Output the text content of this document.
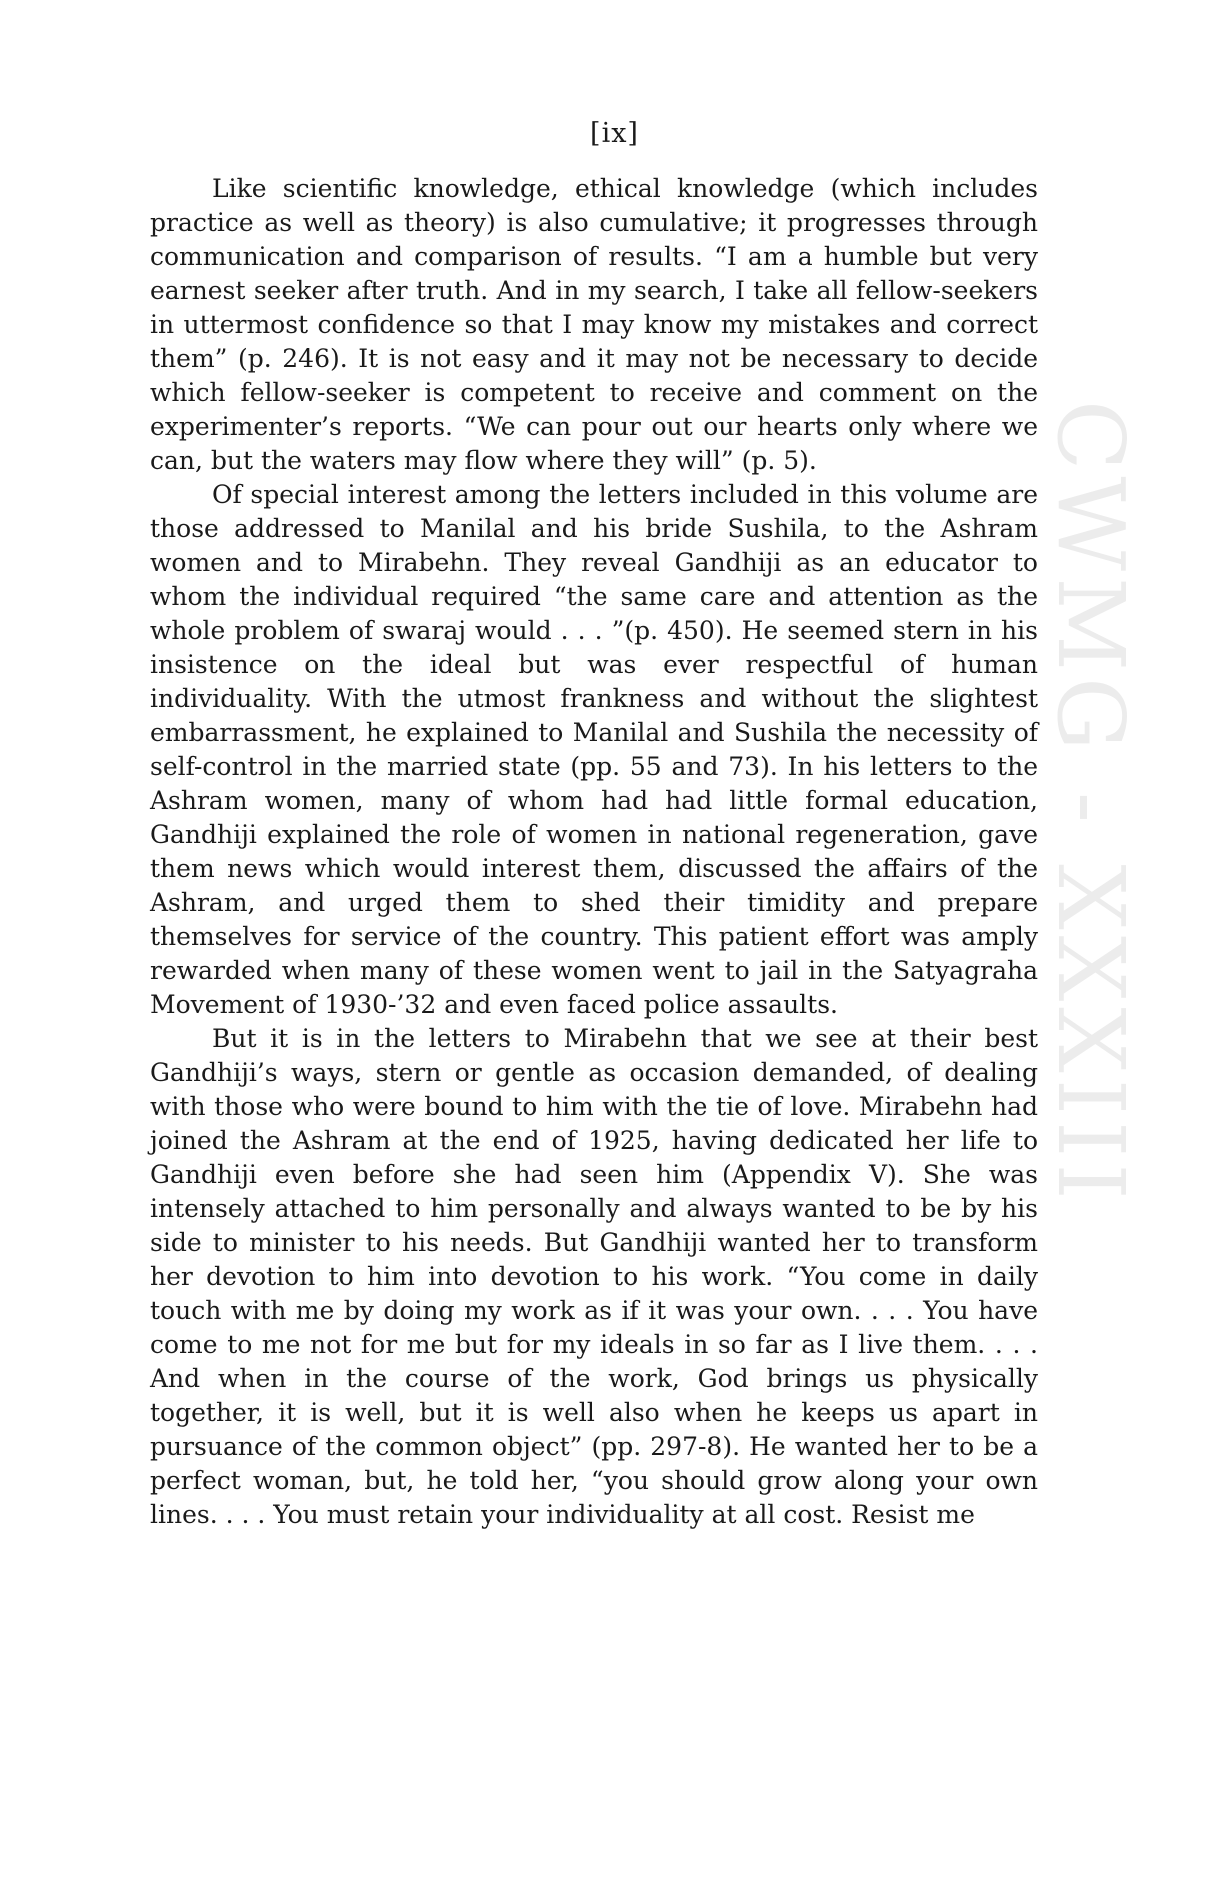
[ix]
CWMG - XXXIII

Like scientific knowledge, ethical knowledge (which includes practice as well as theory) is also cumulative; it progresses through communication and comparison of results. “I am a humble but very earnest seeker after truth. And in my search, I take all fellow-seekers in uttermost confidence so that I may know my mistakes and correct them” (p. 246). It is not easy and it may not be necessary to decide which fellow-seeker is competent to receive and comment on the experimenter’s reports. “We can pour out our hearts only where we can, but the waters may flow where they will” (p. 5).

Of special interest among the letters included in this volume are those addressed to Manilal and his bride Sushila, to the Ashram women and to Mirabehn. They reveal Gandhiji as an educator to whom the individual required “the same care and attention as the whole problem of swaraj would . . . ”(p. 450). He seemed stern in his insistence on the ideal but was ever respectful of human individuality. With the utmost frankness and without the slightest embarrassment, he explained to Manilal and Sushila the necessity of self-control in the married state (pp. 55 and 73). In his letters to the Ashram women, many of whom had had little formal education, Gandhiji explained the role of women in national regeneration, gave them news which would interest them, discussed the affairs of the Ashram, and urged them to shed their timidity and prepare themselves for service of the country. This patient effort was amply rewarded when many of these women went to jail in the Satyagraha Movement of 1930-’32 and even faced police assaults.

But it is in the letters to Mirabehn that we see at their best Gandhiji’s ways, stern or gentle as occasion demanded, of dealing with those who were bound to him with the tie of love. Mirabehn had joined the Ashram at the end of 1925, having dedicated her life to Gandhiji even before she had seen him (Appendix V). She was intensely attached to him personally and always wanted to be by his side to minister to his needs. But Gandhiji wanted her to transform her devotion to him into devotion to his work. “You come in daily touch with me by doing my work as if it was your own. . . . You have come to me not for me but for my ideals in so far as I live them. . . . And when in the course of the work, God brings us physically together, it is well, but it is well also when he keeps us apart in pursuance of the common object” (pp. 297-8). He wanted her to be a perfect woman, but, he told her, “you should grow along your own lines. . . . You must retain your individuality at all cost. Resist me
